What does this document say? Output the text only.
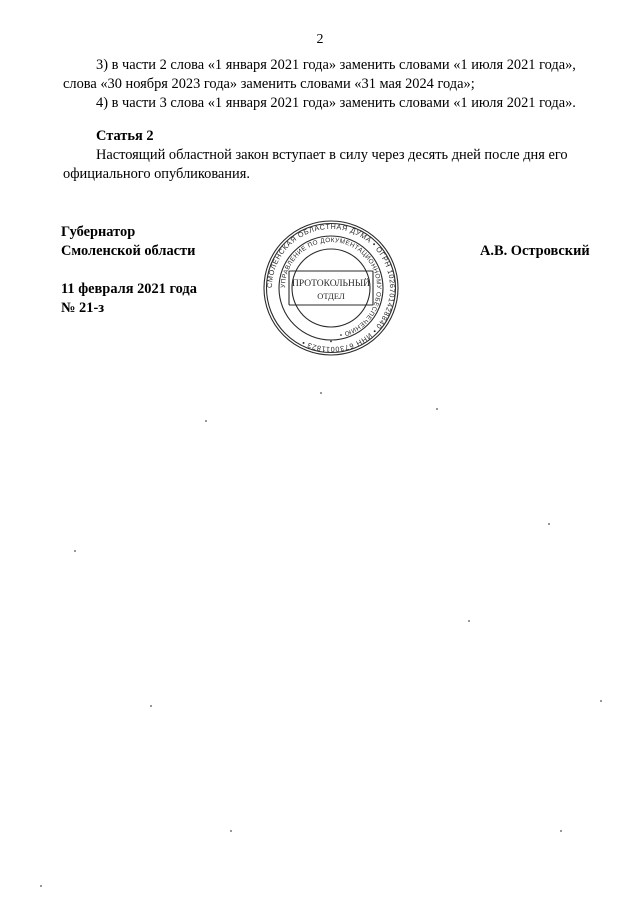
2
3) в части 2 слова «1 января 2021 года» заменить словами «1 июля 2021 года»,
слова «30 ноября 2023 года» заменить словами «31 мая 2024 года»;
4) в части 3 слова «1 января 2021 года» заменить словами «1 июля 2021 года».
Статья 2
Настоящий областной закон вступает в силу через десять дней после дня его
официального опубликования.
Губернатор
Смоленской области	А.В. Островский
11 февраля 2021 года
№ 21-з
СМОЛЕНСКАЯ ОБЛАСТНАЯ ДУМА • ОГРН 1026701428840 • ИНН 6730011823 •
УПРАВЛЕНИЕ ПО ДОКУМЕНТАЦИОННОМУ ОБЕСПЕЧЕНИЮ •
ПРОТОКОЛЬНЫЙ
ОТДЕЛ
•
